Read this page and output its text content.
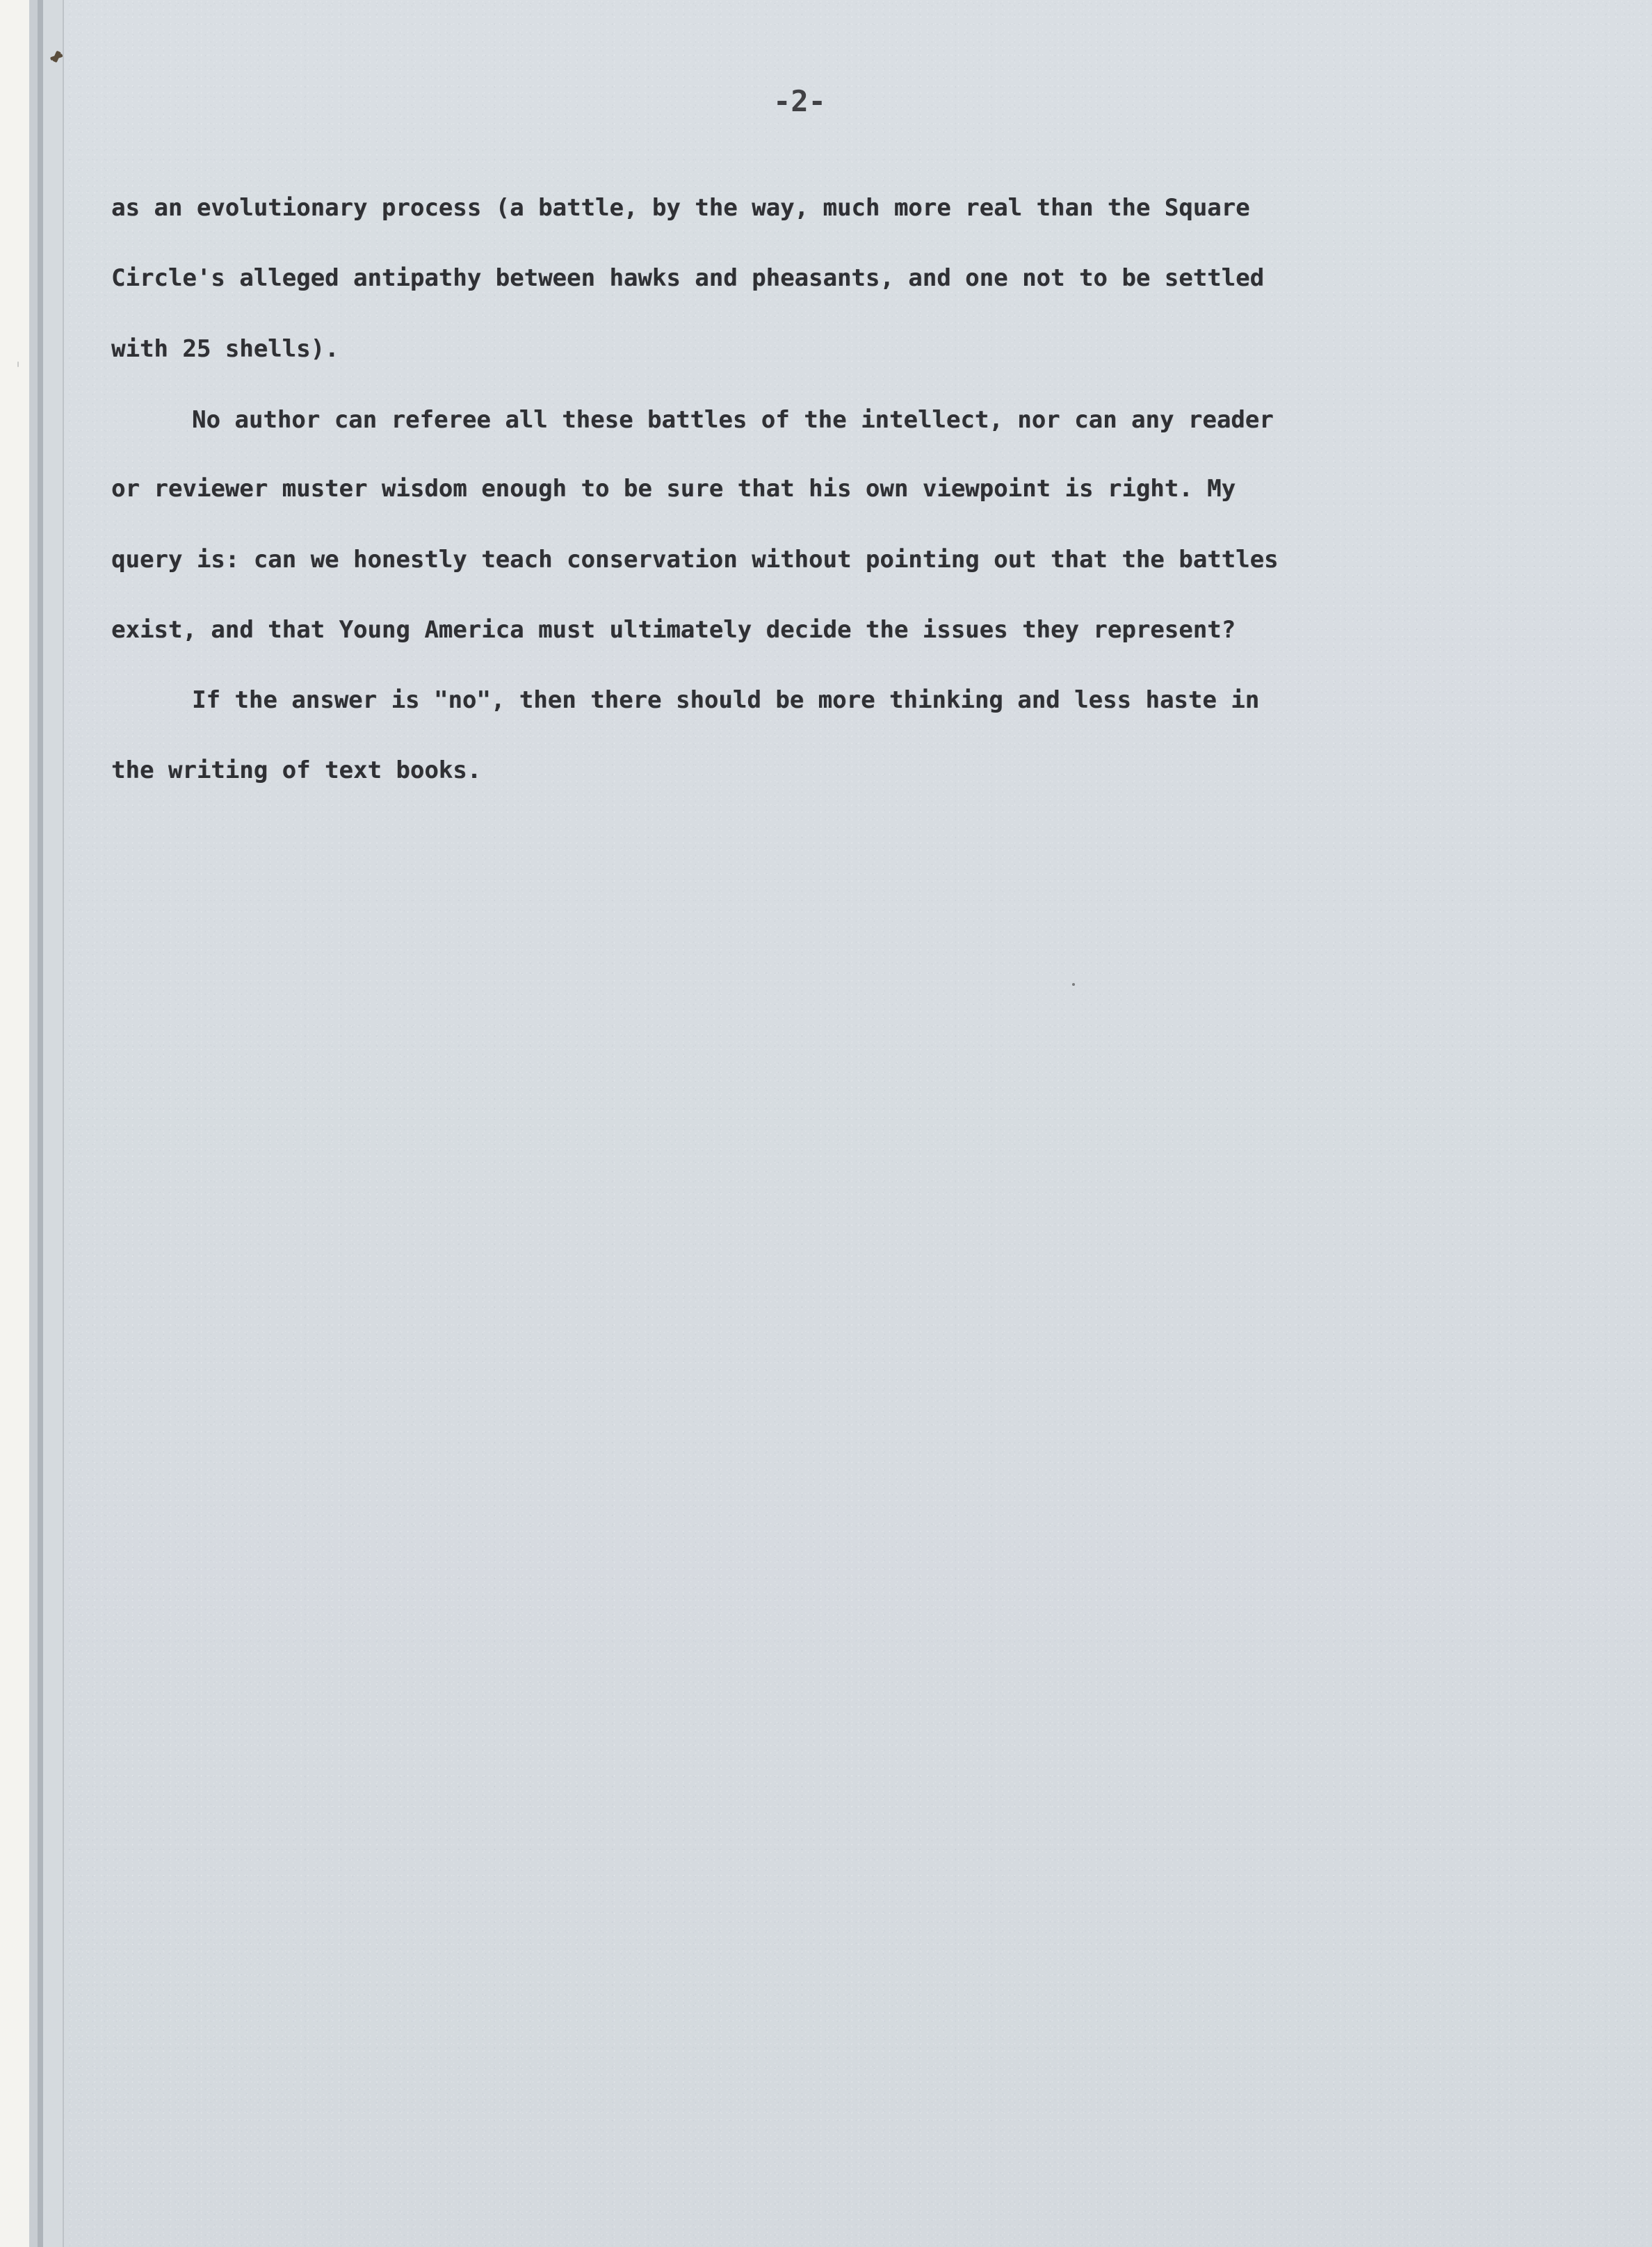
-2-

as an evolutionary process (a battle, by the way, much more real than the Square

Circle's alleged antipathy between hawks and pheasants, and one not to be settled

with 25 shells).

No author can referee all these battles of the intellect, nor can any reader

or reviewer muster wisdom enough to be sure that his own viewpoint is right. My

query is: can we honestly teach conservation without pointing out that the battles

exist, and that Young America must ultimately decide the issues they represent?

If the answer is "no", then there should be more thinking and less haste in

the writing of text books.
